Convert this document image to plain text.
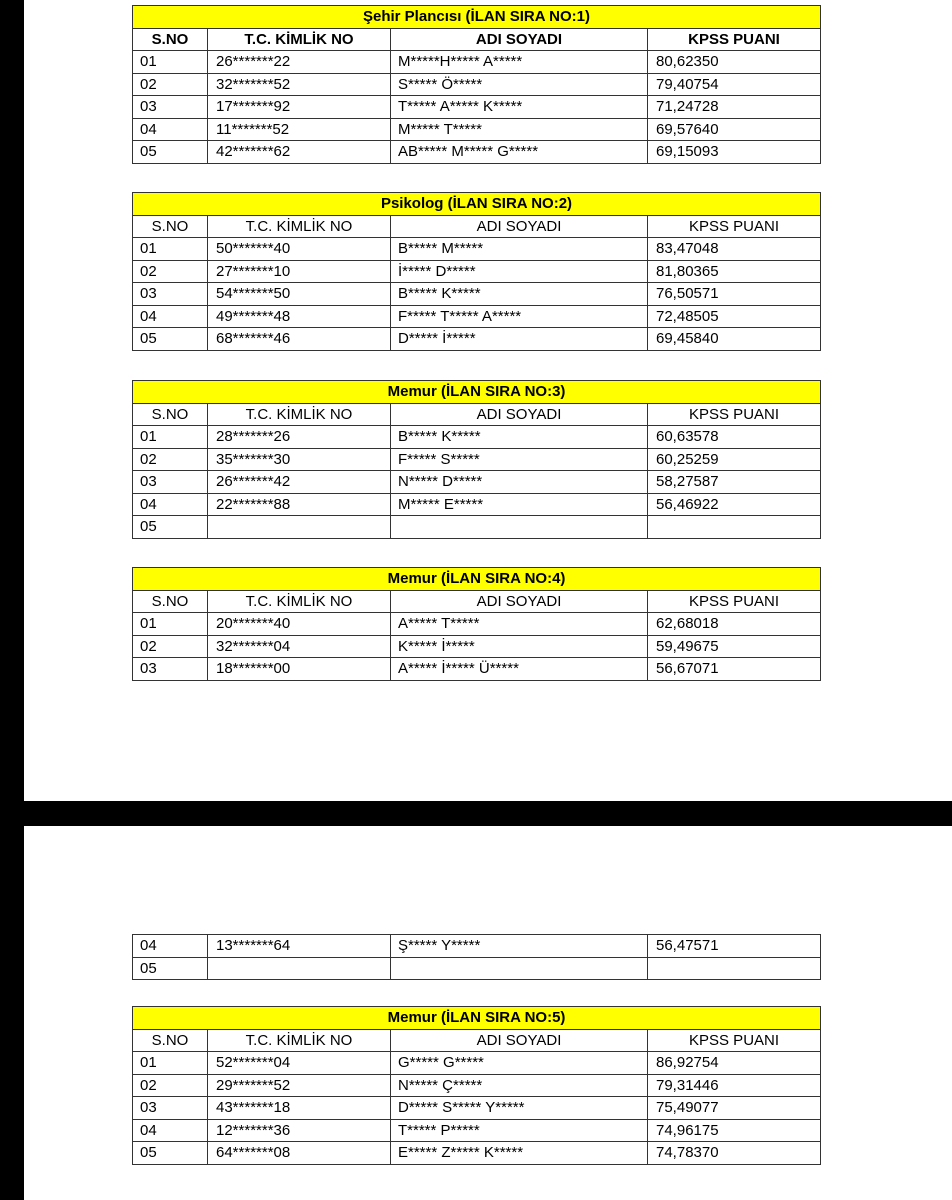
Şehir Plancısı (İLAN SIRA NO:1)			
S.NO	T.C. KİMLİK NO	ADI SOYADI	KPSS PUANI
01	26*******22	M*****H***** A*****	80,62350
02	32*******52	S***** Ö*****	79,40754
03	17*******92	T***** A***** K*****	71,24728
04	11*******52	M***** T*****	69,57640
05	42*******62	AB***** M***** G*****	69,15093
Psikolog (İLAN SIRA NO:2)			
S.NO	T.C. KİMLİK NO	ADI SOYADI	KPSS PUANI
01	50*******40	B***** M*****	83,47048
02	27*******10	İ***** D*****	81,80365
03	54*******50	B***** K*****	76,50571
04	49*******48	F***** T***** A*****	72,48505
05	68*******46	D***** İ*****	69,45840
Memur (İLAN SIRA NO:3)			
S.NO	T.C. KİMLİK NO	ADI SOYADI	KPSS PUANI
01	28*******26	B***** K*****	60,63578
02	35*******30	F***** S*****	60,25259
03	26*******42	N***** D*****	58,27587
04	22*******88	M***** E*****	56,46922
05			
Memur (İLAN SIRA NO:4)			
S.NO	T.C. KİMLİK NO	ADI SOYADI	KPSS PUANI
01	20*******40	A***** T*****	62,68018
02	32*******04	K***** İ*****	59,49675
03	18*******00	A***** İ***** Ü*****	56,67071
04	13*******64	Ş***** Y*****	56,47571
05			
Memur (İLAN SIRA NO:5)			
S.NO	T.C. KİMLİK NO	ADI SOYADI	KPSS PUANI
01	52*******04	G***** G*****	86,92754
02	29*******52	N***** Ç*****	79,31446
03	43*******18	D***** S***** Y*****	75,49077
04	12*******36	T***** P*****	74,96175
05	64*******08	E***** Z***** K*****	74,78370
